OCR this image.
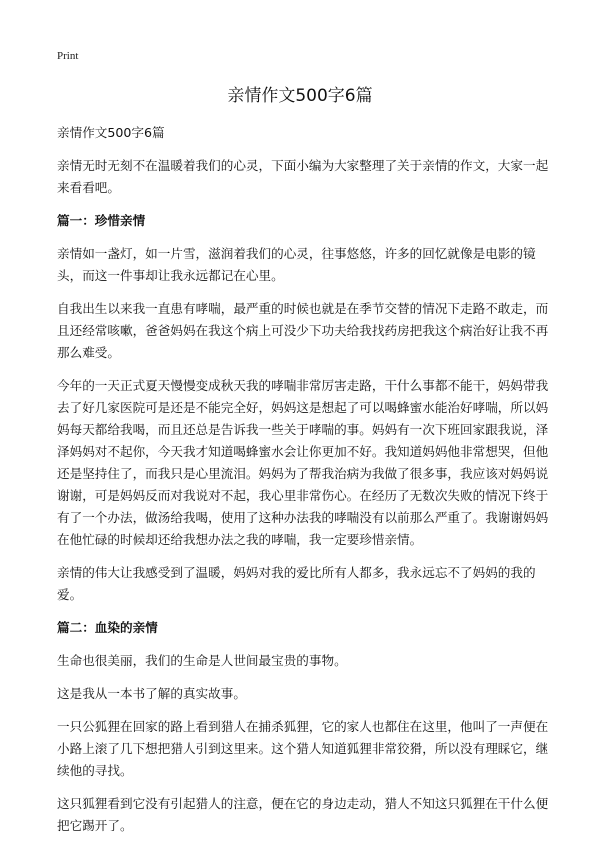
Print
亲情作文500字6篇

亲情作文500字6篇

亲情无时无刻不在温暖着我们的心灵，下面小编为大家整理了关于亲情的作文，大家一起来看看吧。

篇一：珍惜亲情

亲情如一盏灯，如一片雪，滋润着我们的心灵，往事悠悠，许多的回忆就像是电影的镜头，而这一件事却让我永远都记在心里。

自我出生以来我一直患有哮喘，最严重的时候也就是在季节交替的情况下走路不敢走，而且还经常咳嗽，爸爸妈妈在我这个病上可没少下功夫给我找药房把我这个病治好让我不再那么难受。

今年的一天正式夏天慢慢变成秋天我的哮喘非常厉害走路，干什么事都不能干，妈妈带我去了好几家医院可是还是不能完全好，妈妈这是想起了可以喝蜂蜜水能治好哮喘，所以妈妈每天都给我喝，而且还总是告诉我一些关于哮喘的事。妈妈有一次下班回家跟我说，泽泽妈妈对不起你，今天我才知道喝蜂蜜水会让你更加不好。我知道妈妈他非常想哭，但他还是坚持住了，而我只是心里流泪。妈妈为了帮我治病为我做了很多事，我应该对妈妈说谢谢，可是妈妈反而对我说对不起，我心里非常伤心。在经历了无数次失败的情况下终于有了一个办法，做汤给我喝，使用了这种办法我的哮喘没有以前那么严重了。我谢谢妈妈在他忙碌的时候却还给我想办法之我的哮喘，我一定要珍惜亲情。

亲情的伟大让我感受到了温暖，妈妈对我的爱比所有人都多，我永远忘不了妈妈的我的爱。

篇二：血染的亲情

生命也很美丽，我们的生命是人世间最宝贵的事物。

这是我从一本书了解的真实故事。

一只公狐狸在回家的路上看到猎人在捕杀狐狸，它的家人也都住在这里，他叫了一声便在小路上滚了几下想把猎人引到这里来。这个猎人知道狐狸非常狡猾，所以没有理睬它，继续他的寻找。

这只狐狸看到它没有引起猎人的注意，便在它的身边走动，猎人不知这只狐狸在干什么便把它踢开了。
